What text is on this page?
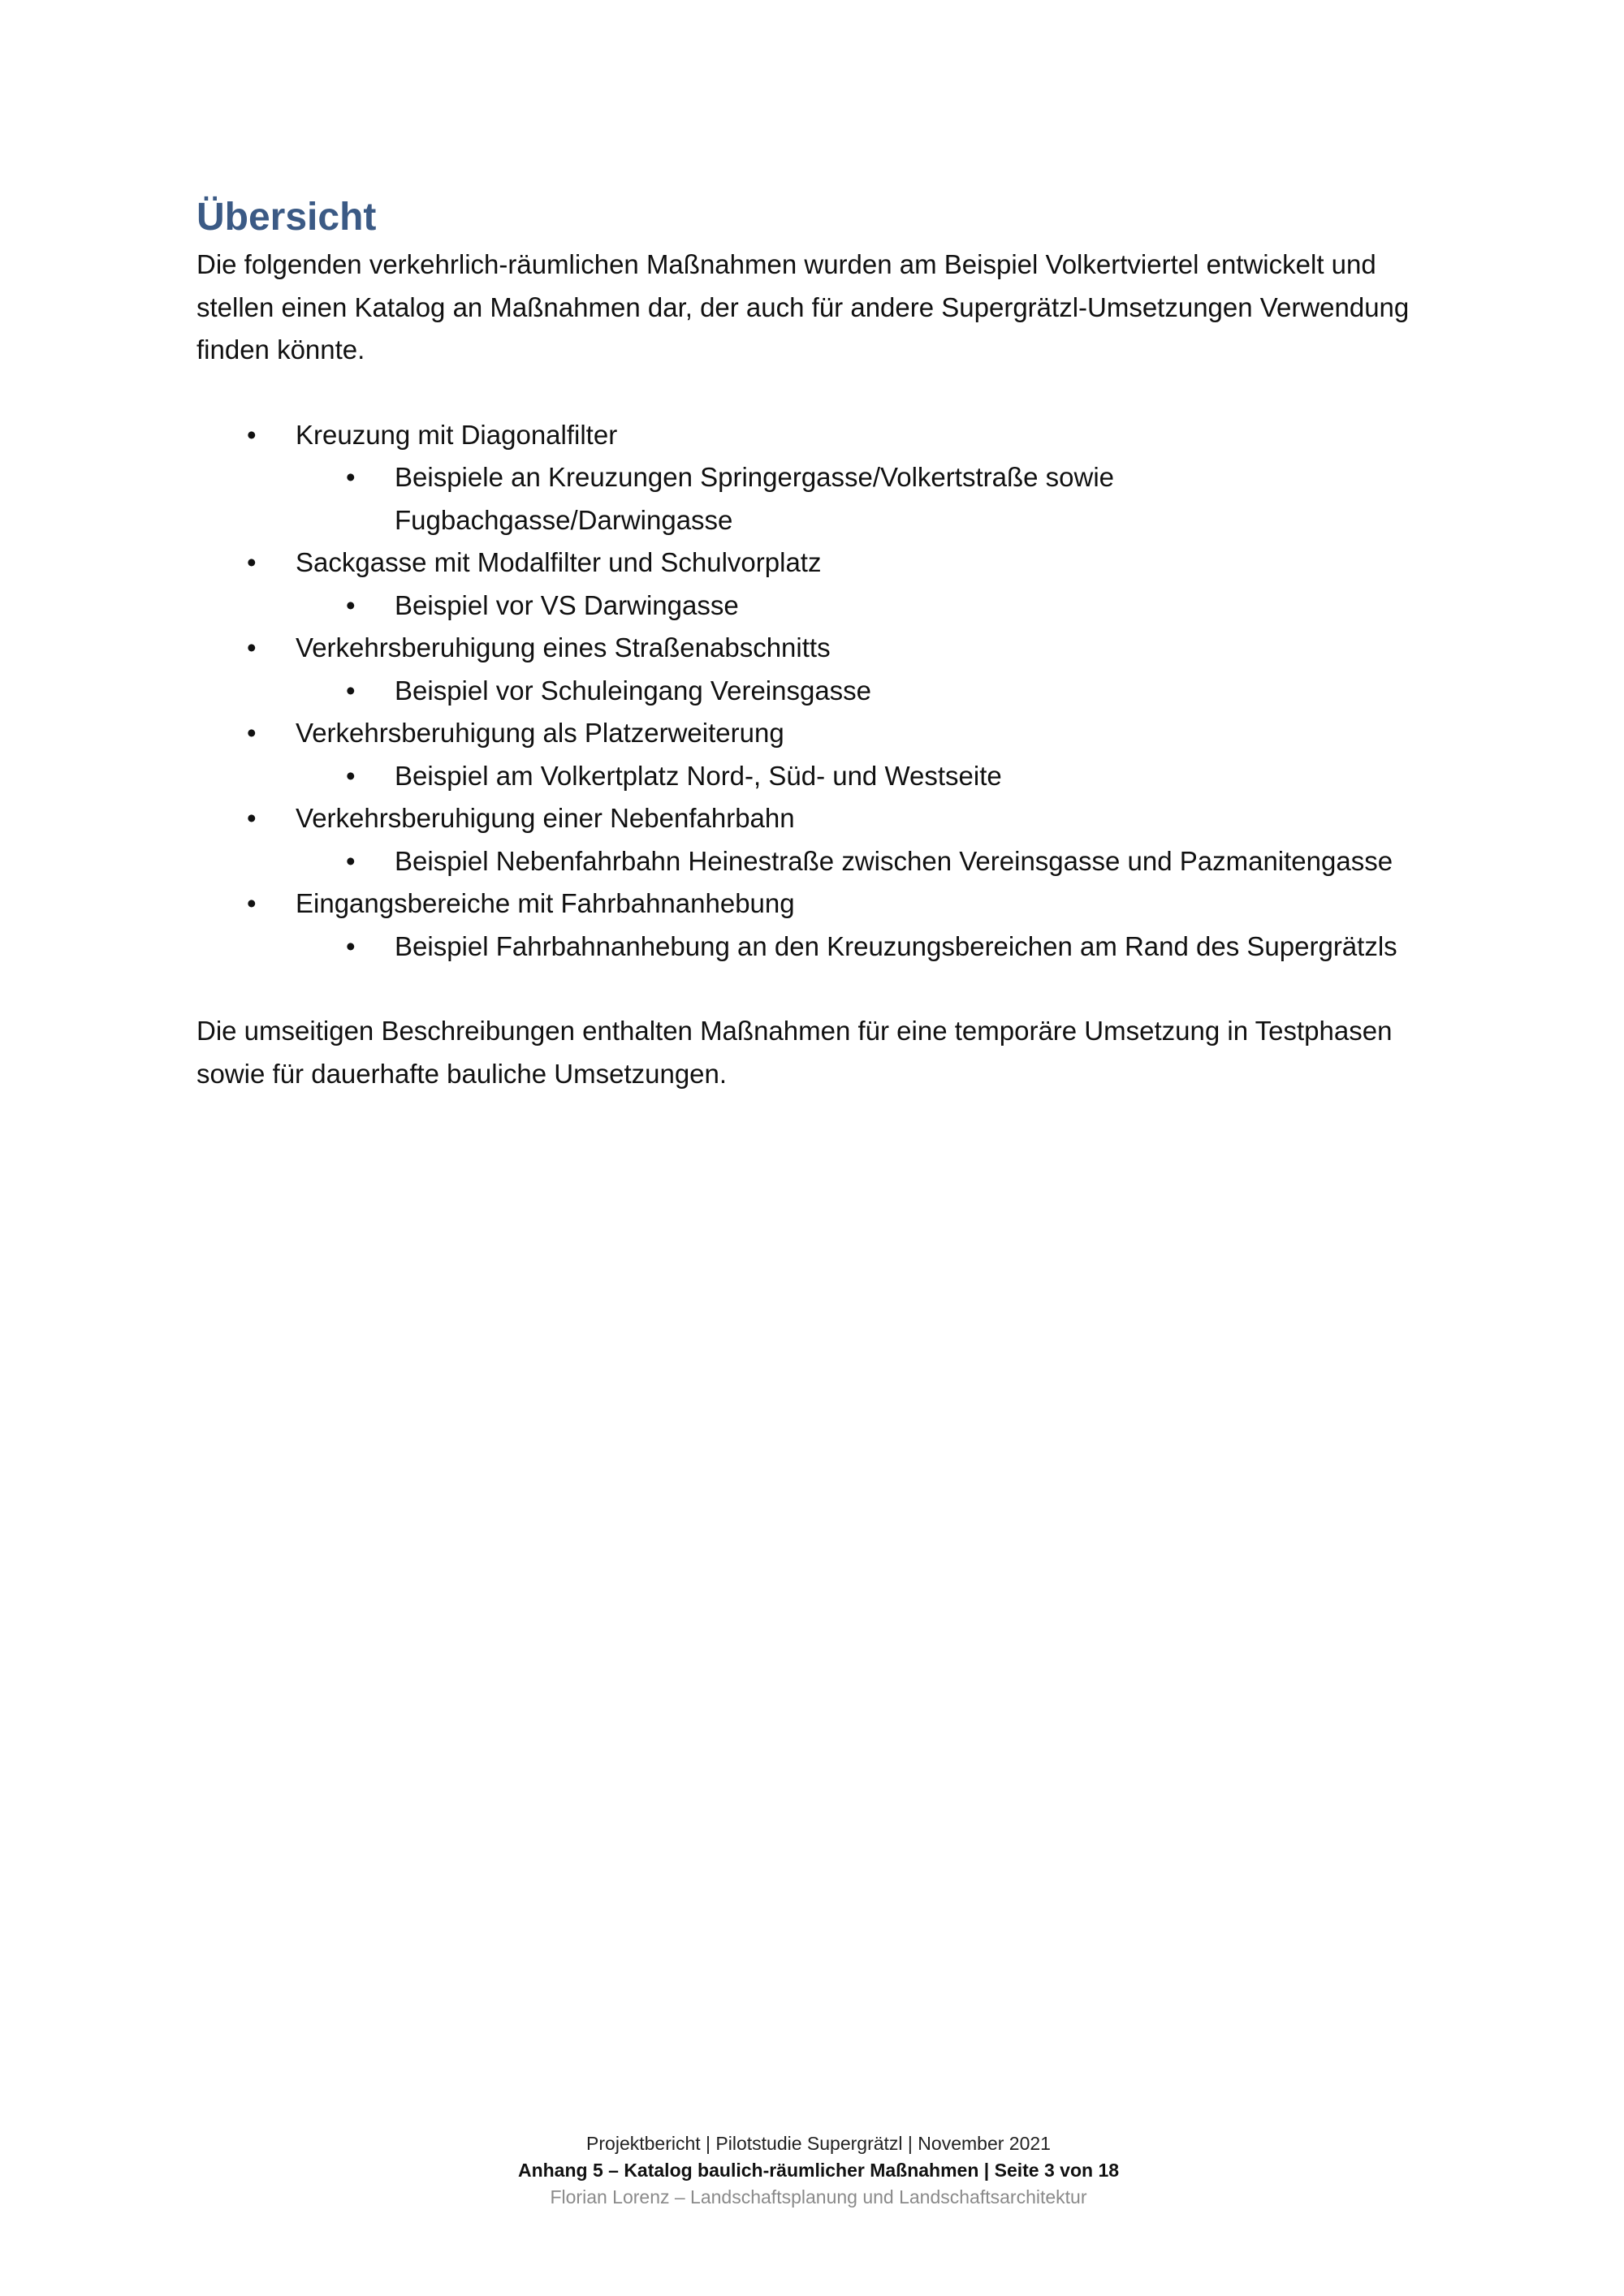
Übersicht

Die folgenden verkehrlich-räumlichen Maßnahmen wurden am Beispiel Volkertviertel entwickelt und stellen einen Katalog an Maßnahmen dar, der auch für andere Supergrätzl-Umsetzungen Verwendung finden könnte.

• Kreuzung mit Diagonalfilter
• Beispiele an Kreuzungen Springergasse/Volkertstraße sowie Fugbachgasse/Darwingasse
• Sackgasse mit Modalfilter und Schulvorplatz
• Beispiel vor VS Darwingasse
• Verkehrsberuhigung eines Straßenabschnitts
• Beispiel vor Schuleingang Vereinsgasse
• Verkehrsberuhigung als Platzerweiterung
• Beispiel am Volkertplatz Nord-, Süd- und Westseite
• Verkehrsberuhigung einer Nebenfahrbahn
• Beispiel Nebenfahrbahn Heinestraße zwischen Vereinsgasse und Pazmanitengasse
• Eingangsbereiche mit Fahrbahnanhebung
• Beispiel Fahrbahnanhebung an den Kreuzungsbereichen am Rand des Supergrätzls

Die umseitigen Beschreibungen enthalten Maßnahmen für eine temporäre Umsetzung in Testphasen sowie für dauerhafte bauliche Umsetzungen.

Projektbericht | Pilotstudie Supergrätzl | November 2021
Anhang 5 – Katalog baulich-räumlicher Maßnahmen | Seite 3 von 18
Florian Lorenz – Landschaftsplanung und Landschaftsarchitektur
